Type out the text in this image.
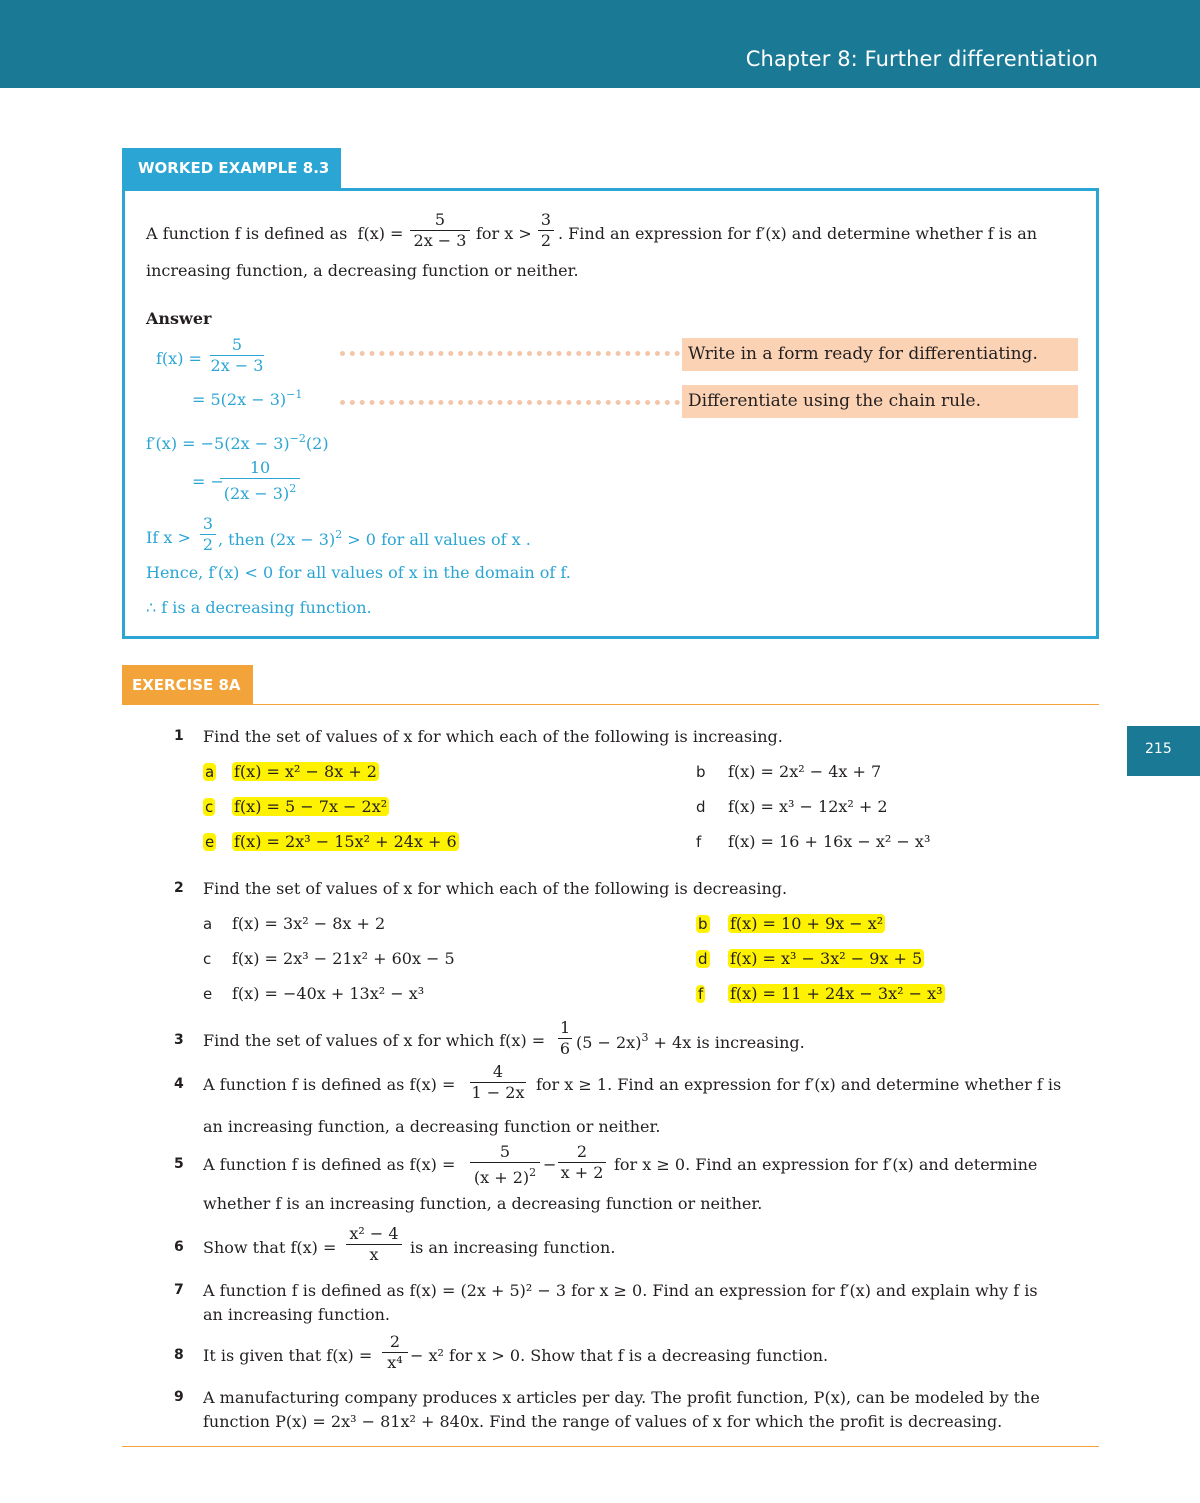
Chapter 8: Further differentiation
215
WORKED EXAMPLE 8.3
A function f is defined as $f(x) = \frac{5}{2x - 3}$ for $x > \frac{3}{2}$ . Find an expression for f′(x) and determine whether f is an
increasing function, a decreasing function or neither.
Answer
$f(x) = \frac{5}{2x - 3}$
= $5(2x - 3)^{-1}$
$f'(x) = -5(2x - 3)^{-2}(2)$
= −
$\frac{10}{(2x - 3)^2}$
Write in a form ready for differentiating.
Differentiate using the chain rule.
If $x > \frac{3}{2}$ , then $(2x - 3)^2 > 0$ for all values of x .
Hence, f′(x) < 0 for all values of x in the domain of f.
∴ f is a decreasing function.
EXERCISE 8A
1 Find the set of values of x for which each of the following is increasing.
a f(x) = x² − 8x + 2	b f(x) = 2x² − 4x + 7
c f(x) = 5 − 7x − 2x²	d f(x) = x³ − 12x² + 2
e f(x) = 2x³ − 15x² + 24x + 6	f f(x) = 16 + 16x − x² − x³
2 Find the set of values of x for which each of the following is decreasing.
a f(x) = 3x² − 8x + 2	b f(x) = 10 + 9x − x²
c f(x) = 2x³ − 21x² + 60x − 5	d f(x) = x³ − 3x² − 9x + 5
e f(x) = −40x + 13x² − x³	f f(x) = 11 + 24x − 3x² − x³
3 Find the set of values of x for which $f(x) = \frac{1}{6} (5 - 2x)^3 + 4x$ is increasing.
4 A function f is defined as $f(x) = \frac{4}{1 - 2x}$ for x ≥ 1. Find an expression for f′(x) and determine whether f is
an increasing function, a decreasing function or neither.
5 A function f is defined as $f(x) = \frac{5}{(x + 2)^2} - \frac{2}{x + 2}$ for x ≥ 0. Find an expression for f′(x) and determine
whether f is an increasing function, a decreasing function or neither.
6 Show that $f(x) = \frac{\text{x² − 4}}{x}$ is an increasing function.
7 A function f is defined as f(x) = (2x + 5)² − 3 for x ≥ 0. Find an expression for f′(x) and explain why f is
an increasing function.
8 It is given that $f(x) = \frac{2}{\text{x⁴}} - x^2$ for x > 0. Show that f is a decreasing function.
9 A manufacturing company produces x articles per day. The profit function, P(x), can be modeled by the
function P(x) = 2x³ − 81x² + 840x. Find the range of values of x for which the profit is decreasing.
